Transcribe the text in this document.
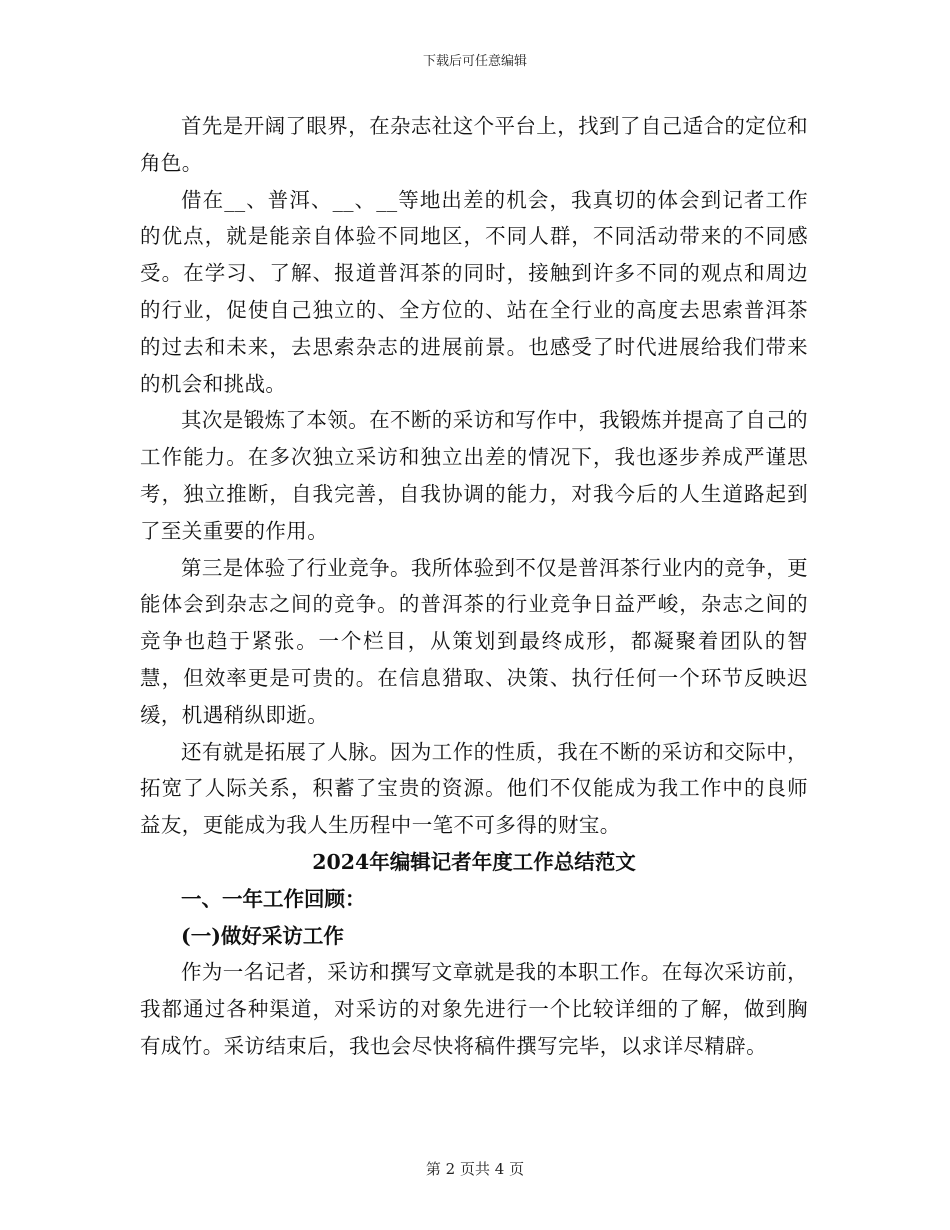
下载后可任意编辑

首先是开阔了眼界，在杂志社这个平台上，找到了自己适合的定位和角色。

借在__、普洱、__、__等地出差的机会，我真切的体会到记者工作的优点，就是能亲自体验不同地区，不同人群，不同活动带来的不同感受。在学习、了解、报道普洱茶的同时，接触到许多不同的观点和周边的行业，促使自己独立的、全方位的、站在全行业的高度去思索普洱茶的过去和未来，去思索杂志的进展前景。也感受了时代进展给我们带来的机会和挑战。

其次是锻炼了本领。在不断的采访和写作中，我锻炼并提高了自己的工作能力。在多次独立采访和独立出差的情况下，我也逐步养成严谨思考，独立推断，自我完善，自我协调的能力，对我今后的人生道路起到了至关重要的作用。

第三是体验了行业竞争。我所体验到不仅是普洱茶行业内的竞争，更能体会到杂志之间的竞争。的普洱茶的行业竞争日益严峻，杂志之间的竞争也趋于紧张。一个栏目，从策划到最终成形，都凝聚着团队的智慧，但效率更是可贵的。在信息猎取、决策、执行任何一个环节反映迟缓，机遇稍纵即逝。

还有就是拓展了人脉。因为工作的性质，我在不断的采访和交际中，拓宽了人际关系，积蓄了宝贵的资源。他们不仅能成为我工作中的良师益友，更能成为我人生历程中一笔不可多得的财宝。

2024年编辑记者年度工作总结范文

一、一年工作回顾：

(一)做好采访工作

作为一名记者，采访和撰写文章就是我的本职工作。在每次采访前，我都通过各种渠道，对采访的对象先进行一个比较详细的了解，做到胸有成竹。采访结束后，我也会尽快将稿件撰写完毕，以求详尽精辟。

第 2 页共 4 页
